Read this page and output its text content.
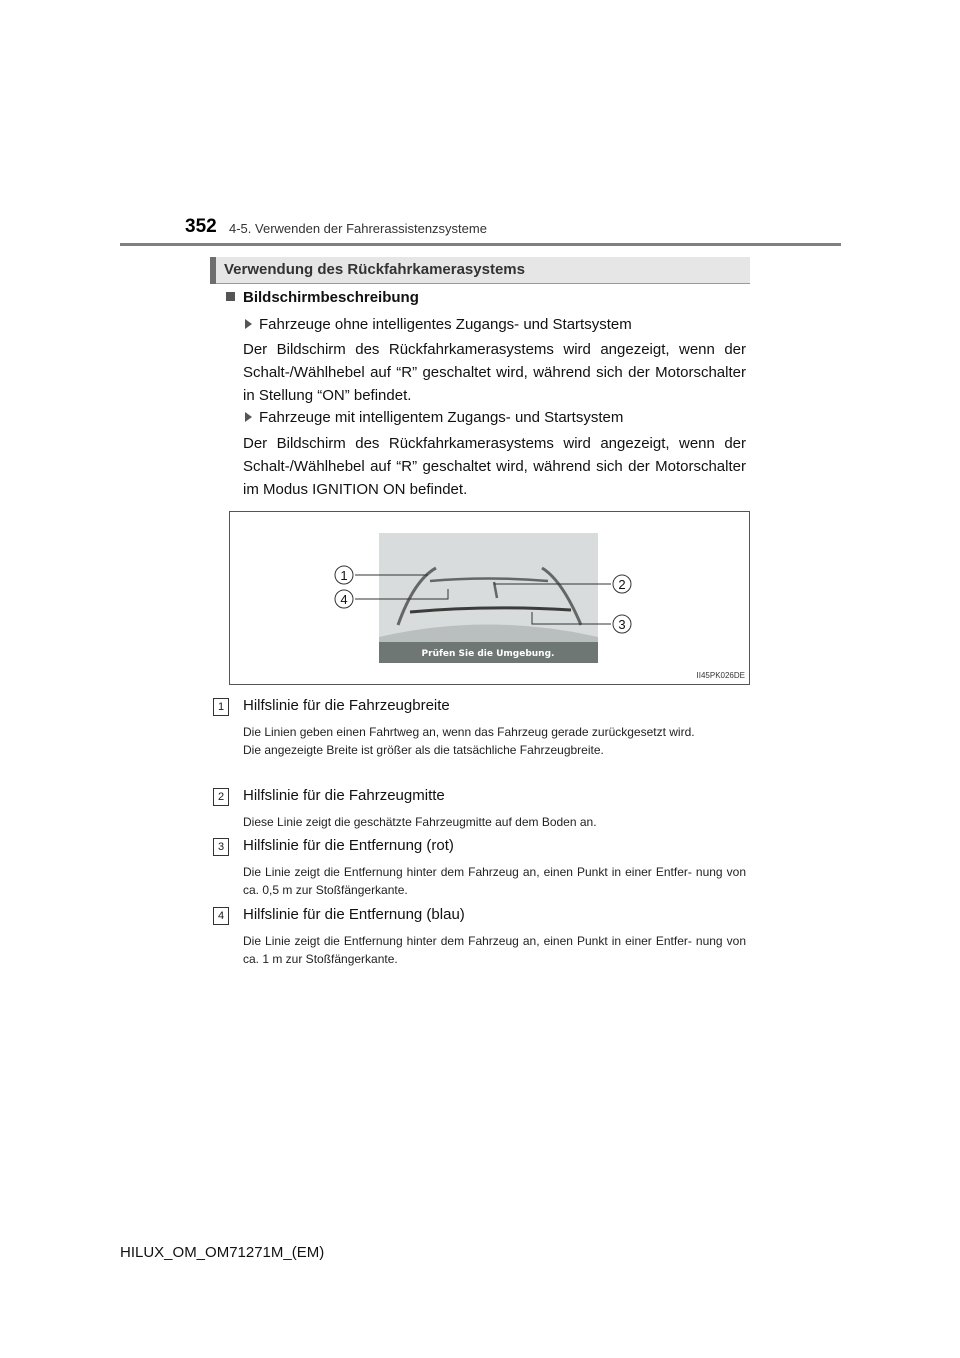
352 4-5. Verwenden der Fahrerassistenzsysteme
Verwendung des Rückfahrkamerasystems
Bildschirmbeschreibung
Fahrzeuge ohne intelligentes Zugangs- und Startsystem
Der Bildschirm des Rückfahrkamerasystems wird angezeigt, wenn der Schalt-/Wählhebel auf “R” geschaltet wird, während sich der Motorschalter in Stellung “ON” befindet.
Fahrzeuge mit intelligentem Zugangs- und Startsystem
Der Bildschirm des Rückfahrkamerasystems wird angezeigt, wenn der Schalt-/Wählhebel auf “R” geschaltet wird, während sich der Motorschalter im Modus IGNITION ON befindet.
Prüfen Sie die Umgebung.
1
2
3
4
II45PK026DE
1	Hilfslinie für die Fahrzeugbreite
Die Linien geben einen Fahrtweg an, wenn das Fahrzeug gerade zurückgesetzt wird.
Die angezeigte Breite ist größer als die tatsächliche Fahrzeugbreite.
2	Hilfslinie für die Fahrzeugmitte
Diese Linie zeigt die geschätzte Fahrzeugmitte auf dem Boden an.
3	Hilfslinie für die Entfernung (rot)
Die Linie zeigt die Entfernung hinter dem Fahrzeug an, einen Punkt in einer Entfer- nung von ca. 0,5 m zur Stoßfängerkante.
4	Hilfslinie für die Entfernung (blau)
Die Linie zeigt die Entfernung hinter dem Fahrzeug an, einen Punkt in einer Entfer- nung von ca. 1 m zur Stoßfängerkante.
HILUX_OM_OM71271M_(EM)
